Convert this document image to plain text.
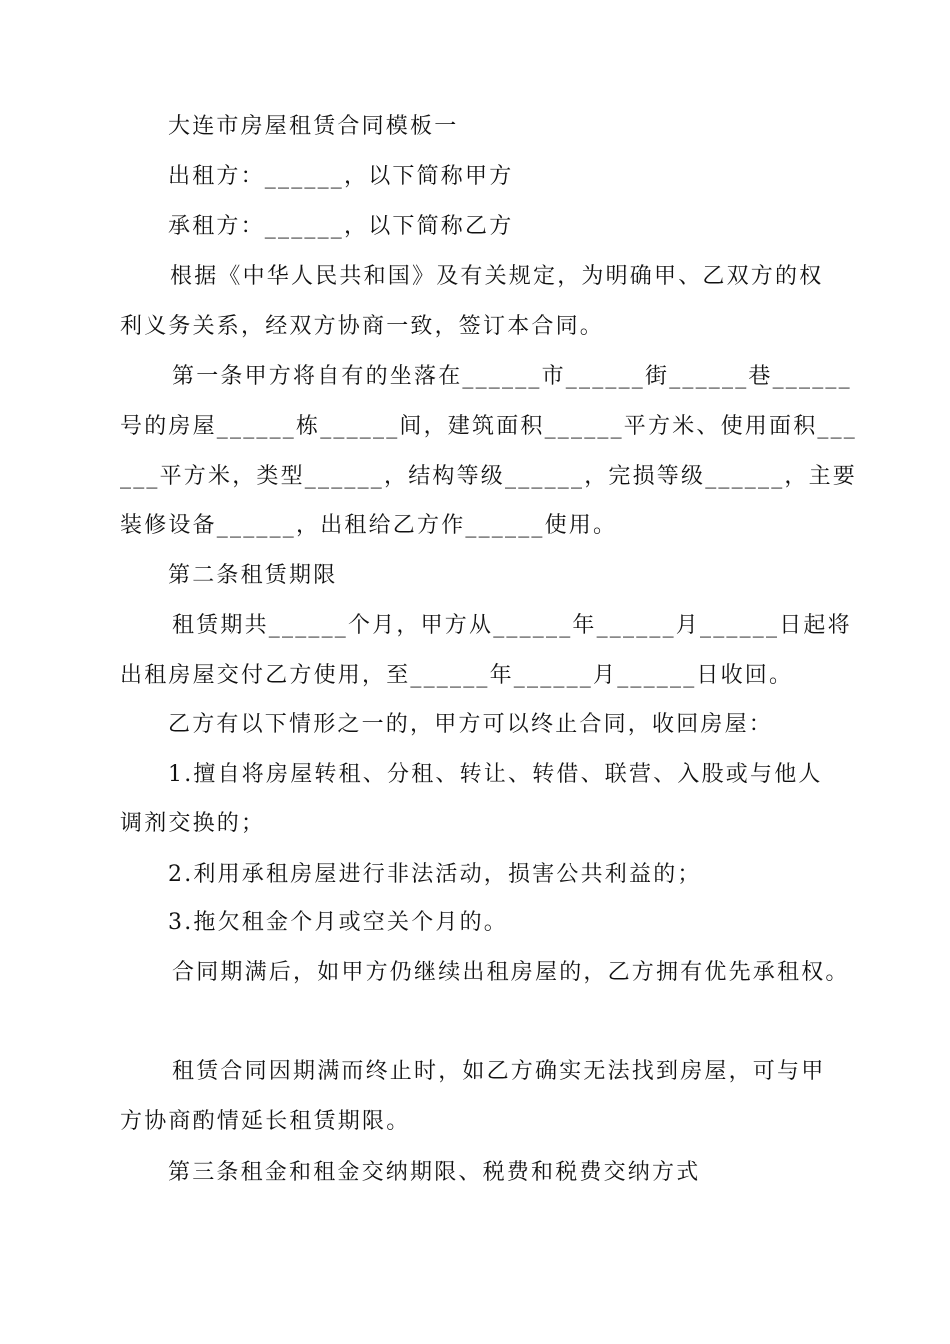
大连市房屋租赁合同模板一
出租方：______，以下简称甲方
承租方：______，以下简称乙方
根据《中华人民共和国》及有关规定，为明确甲、乙双方的权
利义务关系，经双方协商一致，签订本合同。
第一条甲方将自有的坐落在______市______街______巷______
号的房屋______栋______间，建筑面积______平方米、使用面积___
___平方米，类型______，结构等级______，完损等级______，主要
装修设备______，出租给乙方作______使用。
第二条租赁期限
租赁期共______个月，甲方从______年______月______日起将
出租房屋交付乙方使用，至______年______月______日收回。
乙方有以下情形之一的，甲方可以终止合同，收回房屋：
1.擅自将房屋转租、分租、转让、转借、联营、入股或与他人
调剂交换的；
2.利用承租房屋进行非法活动，损害公共利益的；
3.拖欠租金个月或空关个月的。
合同期满后，如甲方仍继续出租房屋的，乙方拥有优先承租权。
租赁合同因期满而终止时，如乙方确实无法找到房屋，可与甲
方协商酌情延长租赁期限。
第三条租金和租金交纳期限、税费和税费交纳方式
